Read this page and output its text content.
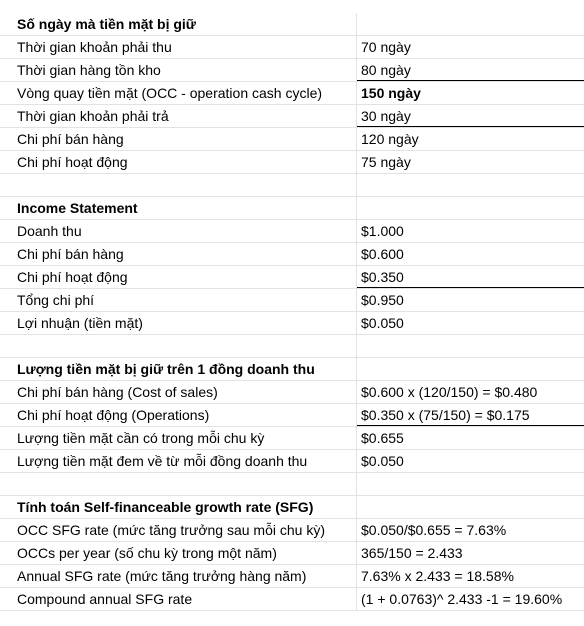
Số ngày mà tiền mặt bị giữ
Thời gian khoản phải thu	70 ngày
Thời gian hàng tồn kho	80 ngày
Vòng quay tiền mặt (OCC - operation cash cycle)	150 ngày
Thời gian khoản phải trả	30 ngày
Chi phí bán hàng	120 ngày
Chi phí hoạt động	75 ngày
Income Statement
Doanh thu	$1.000
Chi phí bán hàng	$0.600
Chi phí hoạt động	$0.350
Tổng chi phí	$0.950
Lợi nhuận (tiền mặt)	$0.050
Lượng tiền mặt bị giữ trên 1 đồng doanh thu
Chi phí bán hàng (Cost of sales)	$0.600 x (120/150) = $0.480
Chi phí hoạt động (Operations)	$0.350 x (75/150) = $0.175
Lượng tiền mặt cần có trong mỗi chu kỳ	$0.655
Lượng tiền mặt đem về từ mỗi đồng doanh thu	$0.050
Tính toán Self-financeable growth rate (SFG)
OCC SFG rate (mức tăng trưởng sau mỗi chu kỳ)	$0.050/$0.655 = 7.63%
OCCs per year (số chu kỳ trong một năm)	365/150 = 2.433
Annual SFG rate (mức tăng trưởng hàng năm)	7.63% x 2.433 = 18.58%
Compound annual SFG rate	(1 + 0.0763)^ 2.433 -1 = 19.60%
